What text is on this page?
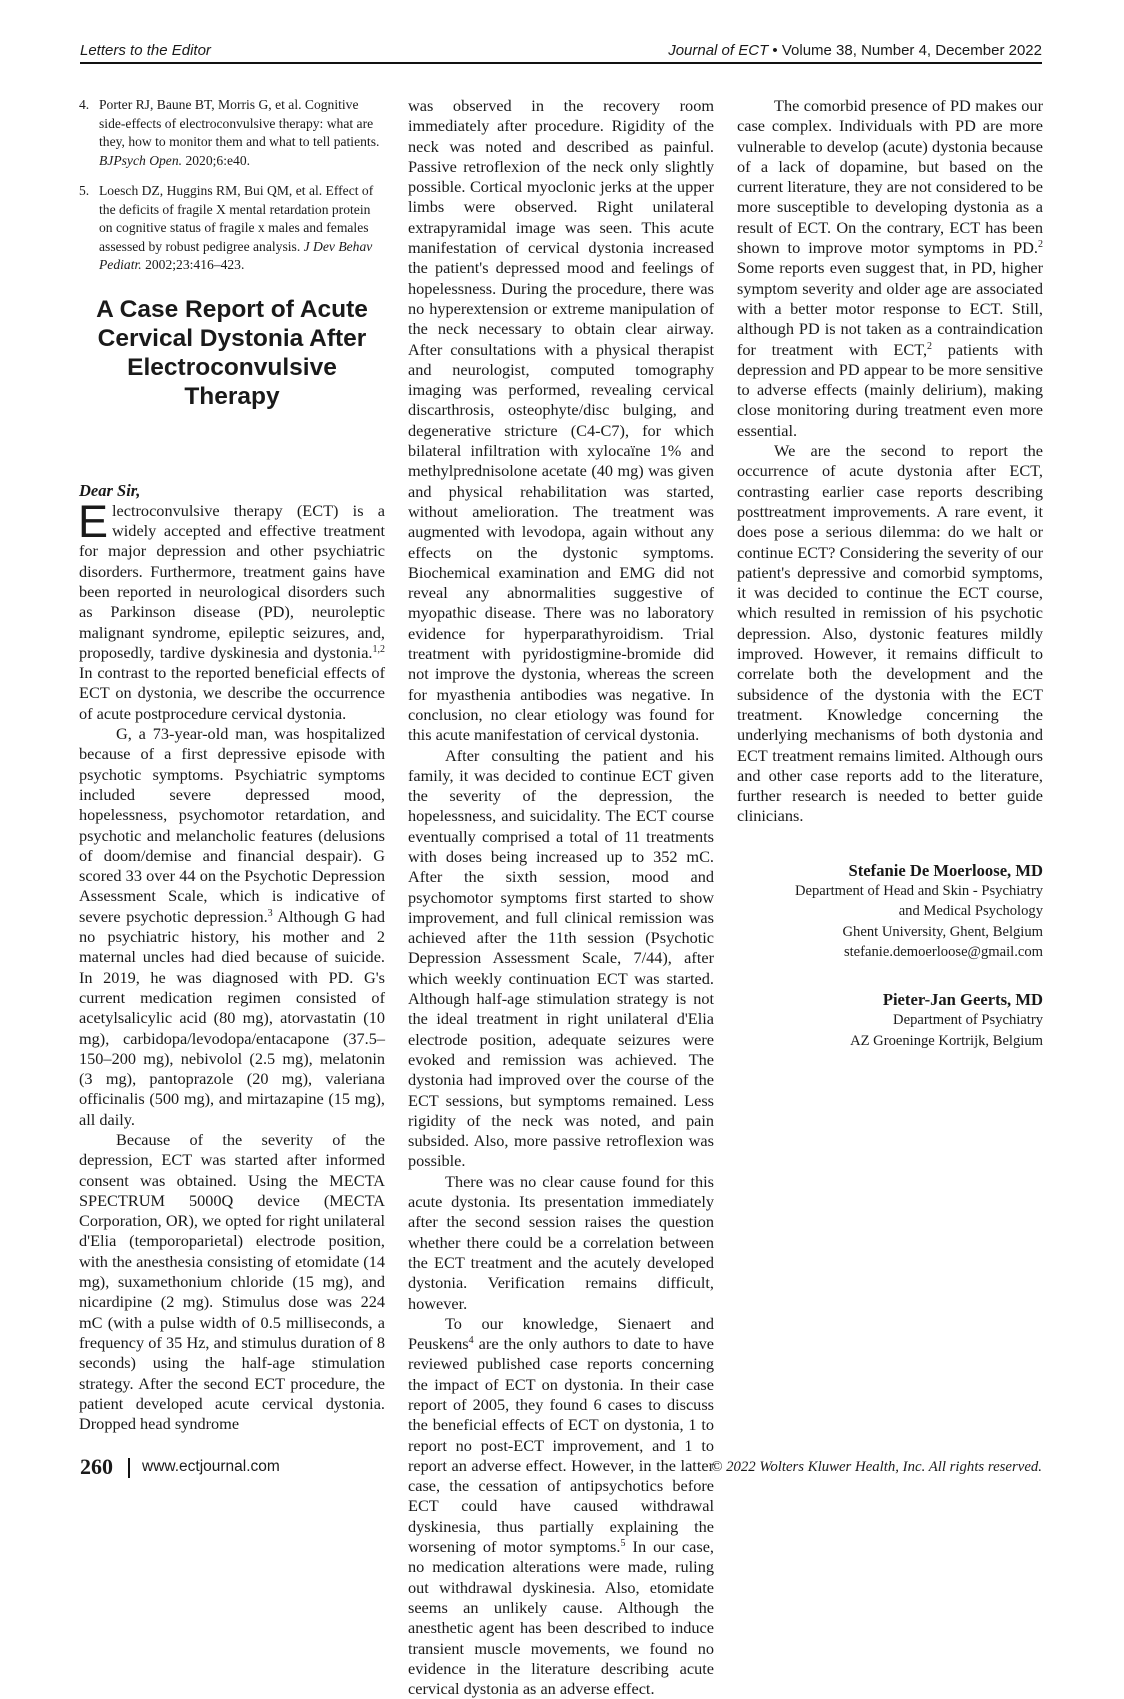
Letters to the Editor	Journal of ECT • Volume 38, Number 4, December 2022
4. Porter RJ, Baune BT, Morris G, et al. Cognitive side-effects of electroconvulsive therapy: what are they, how to monitor them and what to tell patients. BJPsych Open. 2020;6:e40.
5. Loesch DZ, Huggins RM, Bui QM, et al. Effect of the deficits of fragile X mental retardation protein on cognitive status of fragile x males and females assessed by robust pedigree analysis. J Dev Behav Pediatr. 2002;23:416–423.
A Case Report of Acute Cervical Dystonia After Electroconvulsive Therapy

Dear Sir,

Electroconvulsive therapy (ECT) is a widely accepted and effective treatment for major depression and other psychiatric disorders. Furthermore, treatment gains have been reported in neurological disorders such as Parkinson disease (PD), neuroleptic malignant syndrome, epileptic seizures, and, proposedly, tardive dyskinesia and dystonia.$^{1,2}$ In contrast to the reported beneficial effects of ECT on dystonia, we describe the occurrence of acute postprocedure cervical dystonia.

G, a 73-year-old man, was hospitalized because of a first depressive episode with psychotic symptoms. Psychiatric symptoms included severe depressed mood, hopelessness, psychomotor retardation, and psychotic and melancholic features (delusions of doom/demise and financial despair). G scored 33 over 44 on the Psychotic Depression Assessment Scale, which is indicative of severe psychotic depression.$^3$ Although G had no psychiatric history, his mother and 2 maternal uncles had died because of suicide. In 2019, he was diagnosed with PD. G's current medication regimen consisted of acetylsalicylic acid (80 mg), atorvastatin (10 mg), carbidopa/levodopa/entacapone (37.5–150–200 mg), nebivolol (2.5 mg), melatonin (3 mg), pantoprazole (20 mg), valeriana officinalis (500 mg), and mirtazapine (15 mg), all daily.

Because of the severity of the depression, ECT was started after informed consent was obtained. Using the MECTA SPECTRUM 5000Q device (MECTA Corporation, OR), we opted for right unilateral d'Elia (temporoparietal) electrode position, with the anesthesia consisting of etomidate (14 mg), suxamethonium chloride (15 mg), and nicardipine (2 mg). Stimulus dose was 224 mC (with a pulse width of 0.5 milliseconds, a frequency of 35 Hz, and stimulus duration of 8 seconds) using the half-age stimulation strategy. After the second ECT procedure, the patient developed acute cervical dystonia. Dropped head syndrome

was observed in the recovery room immediately after procedure. Rigidity of the neck was noted and described as painful. Passive retroflexion of the neck only slightly possible. Cortical myoclonic jerks at the upper limbs were observed. Right unilateral extrapyramidal image was seen. This acute manifestation of cervical dystonia increased the patient's depressed mood and feelings of hopelessness. During the procedure, there was no hyperextension or extreme manipulation of the neck necessary to obtain clear airway. After consultations with a physical therapist and neurologist, computed tomography imaging was performed, revealing cervical discarthrosis, osteophyte/disc bulging, and degenerative stricture (C4-C7), for which bilateral infiltration with xylocaïne 1% and methylprednisolone acetate (40 mg) was given and physical rehabilitation was started, without amelioration. The treatment was augmented with levodopa, again without any effects on the dystonic symptoms. Biochemical examination and EMG did not reveal any abnormalities suggestive of myopathic disease. There was no laboratory evidence for hyperparathyroidism. Trial treatment with pyridostigmine-bromide did not improve the dystonia, whereas the screen for myasthenia antibodies was negative. In conclusion, no clear etiology was found for this acute manifestation of cervical dystonia.

After consulting the patient and his family, it was decided to continue ECT given the severity of the depression, the hopelessness, and suicidality. The ECT course eventually comprised a total of 11 treatments with doses being increased up to 352 mC. After the sixth session, mood and psychomotor symptoms first started to show improvement, and full clinical remission was achieved after the 11th session (Psychotic Depression Assessment Scale, 7/44), after which weekly continuation ECT was started. Although half-age stimulation strategy is not the ideal treatment in right unilateral d'Elia electrode position, adequate seizures were evoked and remission was achieved. The dystonia had improved over the course of the ECT sessions, but symptoms remained. Less rigidity of the neck was noted, and pain subsided. Also, more passive retroflexion was possible.

There was no clear cause found for this acute dystonia. Its presentation immediately after the second session raises the question whether there could be a correlation between the ECT treatment and the acutely developed dystonia. Verification remains difficult, however.

To our knowledge, Sienaert and Peuskens$^4$ are the only authors to date to have reviewed published case reports concerning the impact of ECT on dystonia. In their case report of 2005, they found 6 cases to discuss the beneficial effects of ECT on dystonia, 1 to report no post-ECT improvement, and 1 to report an adverse effect. However, in the latter case, the cessation of antipsychotics before ECT could have caused withdrawal dyskinesia, thus partially explaining the worsening of motor symptoms.$^5$ In our case, no medication alterations were made, ruling out withdrawal dyskinesia. Also, etomidate seems an unlikely cause. Although the anesthetic agent has been described to induce transient muscle movements, we found no evidence in the literature describing acute cervical dystonia as an adverse effect.

The comorbid presence of PD makes our case complex. Individuals with PD are more vulnerable to develop (acute) dystonia because of a lack of dopamine, but based on the current literature, they are not considered to be more susceptible to developing dystonia as a result of ECT. On the contrary, ECT has been shown to improve motor symptoms in PD.$^2$ Some reports even suggest that, in PD, higher symptom severity and older age are associated with a better motor response to ECT. Still, although PD is not taken as a contraindication for treatment with ECT,$^2$ patients with depression and PD appear to be more sensitive to adverse effects (mainly delirium), making close monitoring during treatment even more essential.

We are the second to report the occurrence of acute dystonia after ECT, contrasting earlier case reports describing posttreatment improvements. A rare event, it does pose a serious dilemma: do we halt or continue ECT? Considering the severity of our patient's depressive and comorbid symptoms, it was decided to continue the ECT course, which resulted in remission of his psychotic depression. Also, dystonic features mildly improved. However, it remains difficult to correlate both the development and the subsidence of the dystonia with the ECT treatment. Knowledge concerning the underlying mechanisms of both dystonia and ECT treatment remains limited. Although ours and other case reports add to the literature, further research is needed to better guide clinicians.

Stefanie De Moerloose, MD
Department of Head and Skin - Psychiatry
and Medical Psychology
Ghent University, Ghent, Belgium
stefanie.demoerloose@gmail.com
Pieter-Jan Geerts, MD
Department of Psychiatry
AZ Groeninge Kortrijk, Belgium
260 www.ectjournal.com	© 2022 Wolters Kluwer Health, Inc. All rights reserved.
